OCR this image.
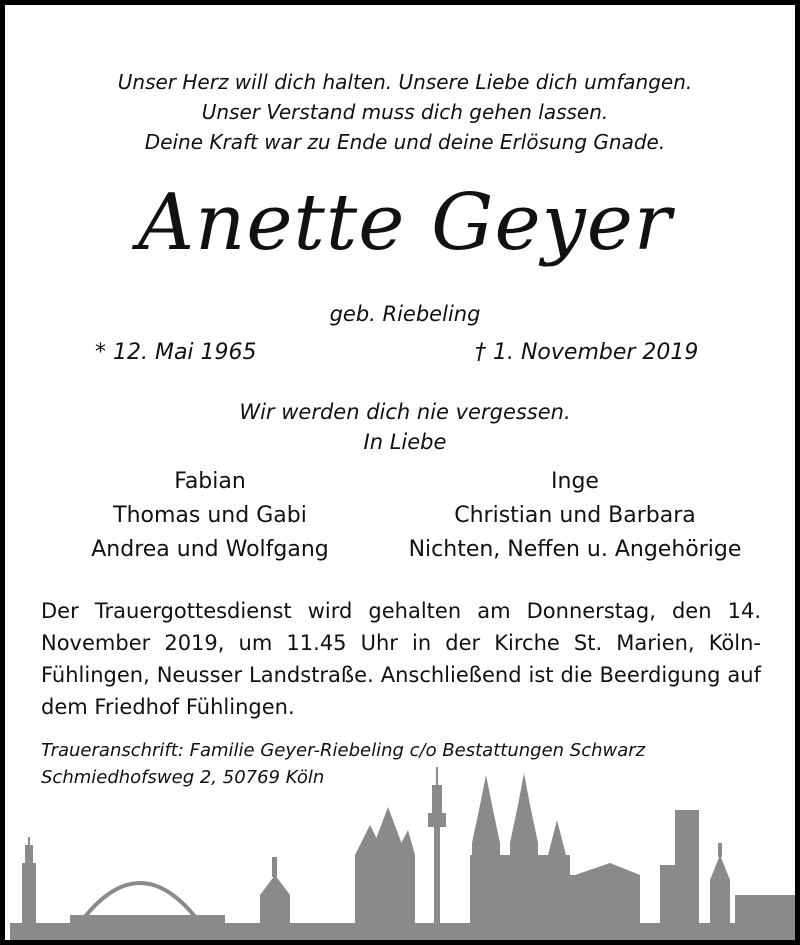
Unser Herz will dich halten. Unsere Liebe dich umfangen.
Unser Verstand muss dich gehen lassen.
Deine Kraft war zu Ende und deine Erlösung Gnade.
Anette Geyer
geb. Riebeling
* 12. Mai 1965	† 1. November 2019
Wir werden dich nie vergessen.
In Liebe
Fabian
Thomas und Gabi
Andrea und Wolfgang
Inge
Christian und Barbara
Nichten, Neffen u. Angehörige
Der Trauergottesdienst wird gehalten am Donnerstag, den 14. November 2019, um 11.45 Uhr in der Kirche St. Marien, Köln-Fühlingen, Neusser Landstraße. Anschließend ist die Beerdigung auf dem Friedhof Fühlingen.
Traueranschrift: Familie Geyer-Riebeling c/o Bestattungen Schwarz
Schmiedhofsweg 2, 50769 Köln
